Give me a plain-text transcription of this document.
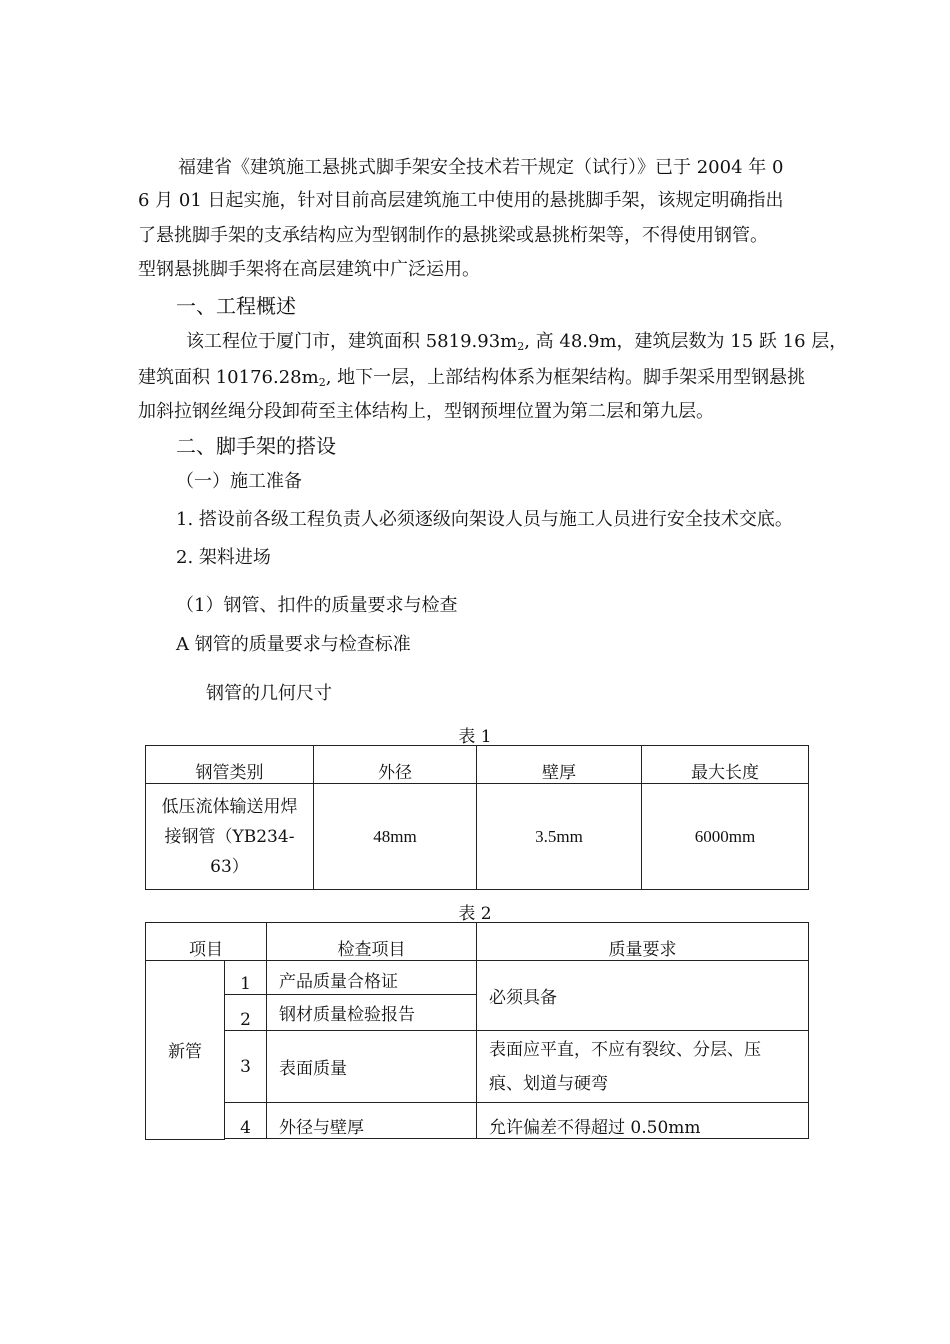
福建省《建筑施工悬挑式脚手架安全技术若干规定（试行）》已于 2004 年 0
6 月 01 日起实施，针对目前高层建筑施工中使用的悬挑脚手架，该规定明确指出
了悬挑脚手架的支承结构应为型钢制作的悬挑梁或悬挑桁架等，不得使用钢管。
型钢悬挑脚手架将在高层建筑中广泛运用。
一、工程概述
该工程位于厦门市，建筑面积 $5819.93m_2$, 高 48.9m，建筑层数为 15 跃 16 层，
建筑面积 $10176.28m_2$, 地下一层，上部结构体系为框架结构。脚手架采用型钢悬挑
加斜拉钢丝绳分段卸荷至主体结构上，型钢预埋位置为第二层和第九层。
二、脚手架的搭设
（一）施工准备
1. 搭设前各级工程负责人必须逐级向架设人员与施工人员进行安全技术交底。
2. 架料进场
（1）钢管、扣件的质量要求与检查
A 钢管的质量要求与检查标准
钢管的几何尺寸
表 1
钢管类别	外径	壁厚	最大长度

低压流体输送用焊
接钢管（YB234-
63）	48mm	3.5mm	6000mm
表 2
项目		检查项目	质量要求
新管	1	产品质量合格证	必须具备
	2	钢材质量检验报告	
	3	表面质量	表面应平直，不应有裂纹、分层、压
痕、划道与硬弯

	4	外径与壁厚	允许偏差不得超过 0.50mm
